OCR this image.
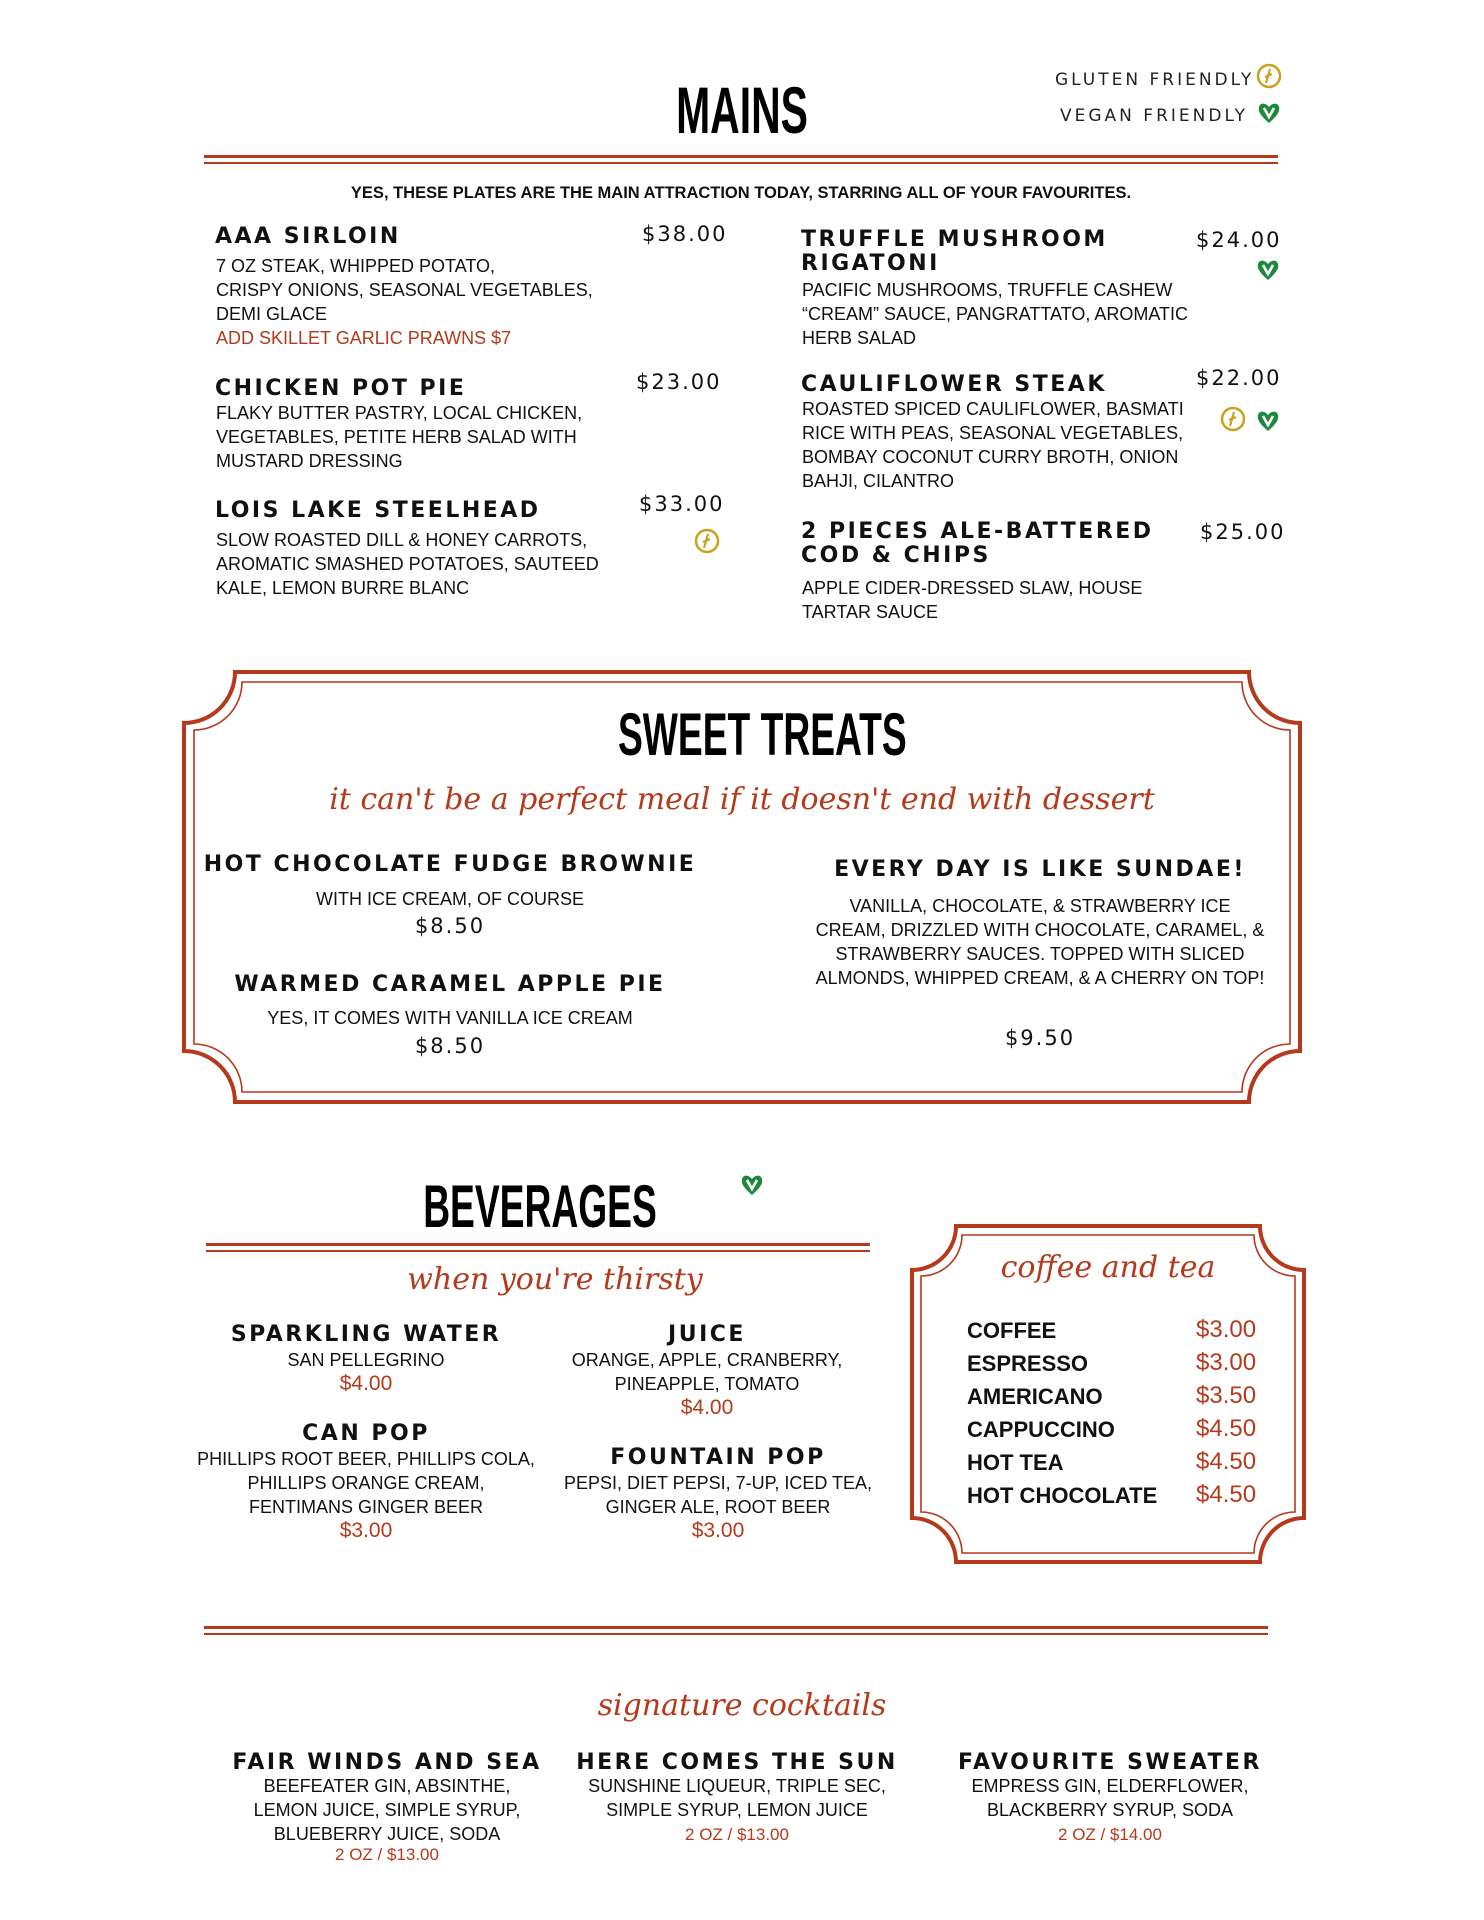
GLUTEN FRIENDLY
VEGAN FRIENDLY
MAINS
YES, THESE PLATES ARE THE MAIN ATTRACTION TODAY, STARRING ALL OF YOUR FAVOURITES.
AAA SIRLOIN	$38.00
7 OZ STEAK, WHIPPED POTATO,
CRISPY ONIONS, SEASONAL VEGETABLES,
DEMI GLACE
ADD SKILLET GARLIC PRAWNS $7
CHICKEN POT PIE	$23.00
FLAKY BUTTER PASTRY, LOCAL CHICKEN,
VEGETABLES, PETITE HERB SALAD WITH
MUSTARD DRESSING
LOIS LAKE STEELHEAD	$33.00
SLOW ROASTED DILL & HONEY CARROTS,
AROMATIC SMASHED POTATOES, SAUTEED
KALE, LEMON BURRE BLANC
TRUFFLE MUSHROOM
RIGATONI
$24.00
PACIFIC MUSHROOMS, TRUFFLE CASHEW
“CREAM” SAUCE, PANGRATTATO, AROMATIC
HERB SALAD
CAULIFLOWER STEAK	$22.00
ROASTED SPICED CAULIFLOWER, BASMATI
RICE WITH PEAS, SEASONAL VEGETABLES,
BOMBAY COCONUT CURRY BROTH, ONION
BAHJI, CILANTRO
2 PIECES ALE-BATTERED
COD & CHIPS
$25.00
APPLE CIDER-DRESSED SLAW, HOUSE
TARTAR SAUCE
SWEET TREATS
it can't be a perfect meal if it doesn't end with dessert
HOT CHOCOLATE FUDGE BROWNIE
WITH ICE CREAM, OF COURSE
$8.50
WARMED CARAMEL APPLE PIE
YES, IT COMES WITH VANILLA ICE CREAM
$8.50
EVERY DAY IS LIKE SUNDAE!
VANILLA, CHOCOLATE, & STRAWBERRY ICE
CREAM, DRIZZLED WITH CHOCOLATE, CARAMEL, &
STRAWBERRY SAUCES. TOPPED WITH SLICED
ALMONDS, WHIPPED CREAM, & A CHERRY ON TOP!
$9.50
BEVERAGES
when you're thirsty
SPARKLING WATER
SAN PELLEGRINO
$4.00
JUICE
ORANGE, APPLE, CRANBERRY,
PINEAPPLE, TOMATO
$4.00
CAN POP
PHILLIPS ROOT BEER, PHILLIPS COLA,
PHILLIPS ORANGE CREAM,
FENTIMANS GINGER BEER
$3.00
FOUNTAIN POP
PEPSI, DIET PEPSI, 7-UP, ICED TEA,
GINGER ALE, ROOT BEER
$3.00
coffee and tea
COFFEE	$3.00
ESPRESSO	$3.00
AMERICANO	$3.50
CAPPUCCINO	$4.50
HOT TEA	$4.50
HOT CHOCOLATE $4.50
signature cocktails
FAIR WINDS AND SEA
BEEFEATER GIN, ABSINTHE,
LEMON JUICE, SIMPLE SYRUP,
BLUEBERRY JUICE, SODA
2 OZ / $13.00
HERE COMES THE SUN
SUNSHINE LIQUEUR, TRIPLE SEC,
SIMPLE SYRUP, LEMON JUICE
2 OZ / $13.00
FAVOURITE SWEATER
EMPRESS GIN, ELDERFLOWER,
BLACKBERRY SYRUP, SODA
2 OZ / $14.00
